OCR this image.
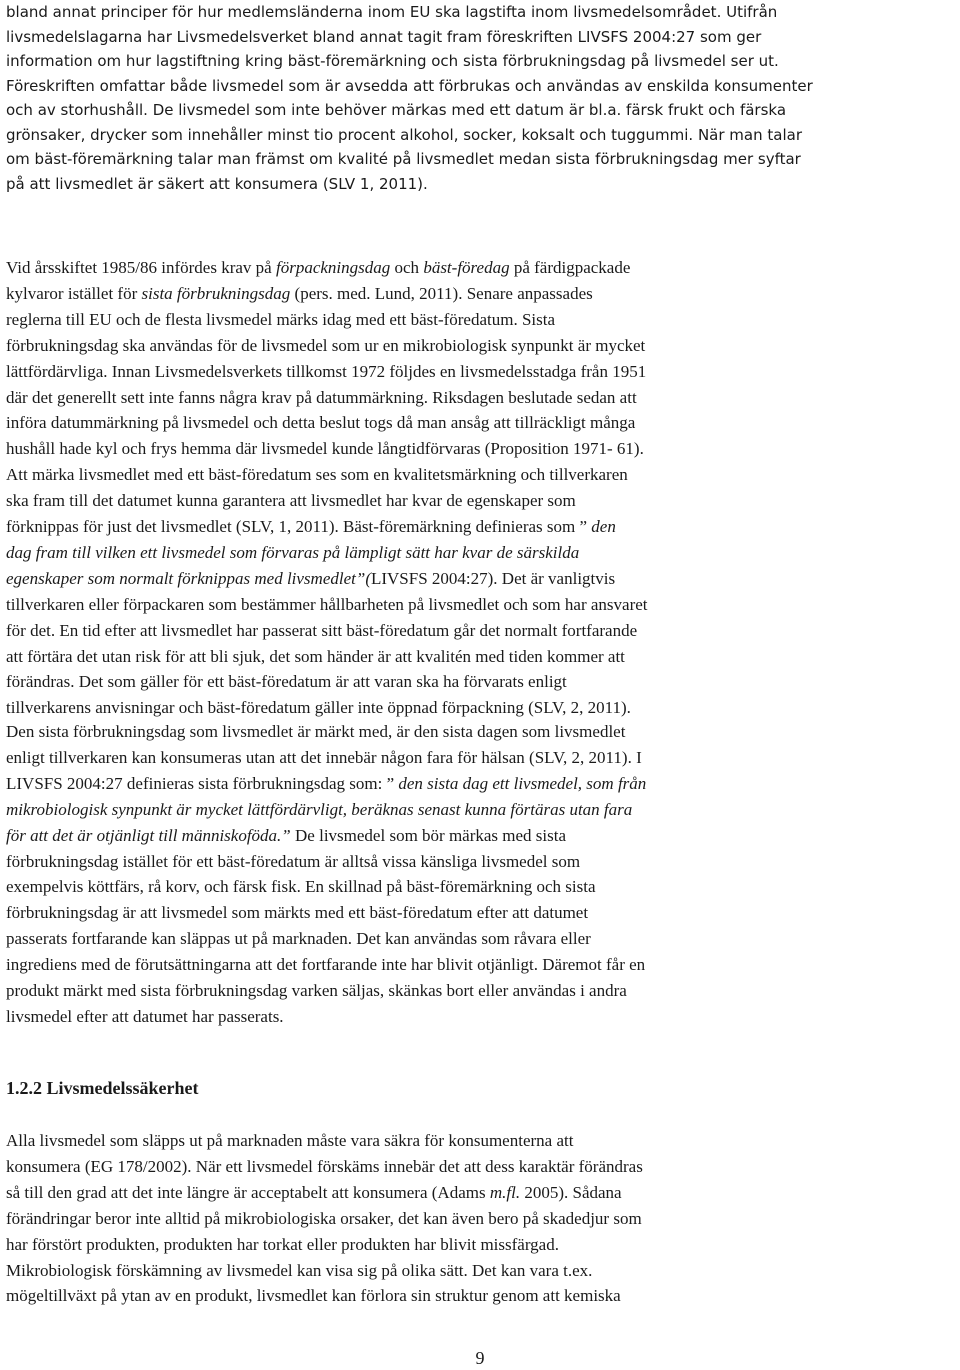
bland annat principer för hur medlemsländerna inom EU ska lagstifta inom livsmedelsområdet. Utifrån
livsmedelslagarna har Livsmedelsverket bland annat tagit fram föreskriften LIVSFS 2004:27 som ger
information om hur lagstiftning kring bäst-föremärkning och sista förbrukningsdag på livsmedel ser ut.
Föreskriften omfattar både livsmedel som är avsedda att förbrukas och användas av enskilda konsumenter
och av storhushåll. De livsmedel som inte behöver märkas med ett datum är bl.a. färsk frukt och färska
grönsaker, drycker som innehåller minst tio procent alkohol, socker, koksalt och tuggummi. När man talar
om bäst-föremärkning talar man främst om kvalité på livsmedlet medan sista förbrukningsdag mer syftar
på att livsmedlet är säkert att konsumera (SLV 1, 2011).
Vid årsskiftet 1985/86 infördes krav på förpackningsdag och bäst-föredag på färdigpackade
kylvaror istället för sista förbrukningsdag (pers. med. Lund, 2011). Senare anpassades
reglerna till EU och de flesta livsmedel märks idag med ett bäst-föredatum. Sista
förbrukningsdag ska användas för de livsmedel som ur en mikrobiologisk synpunkt är mycket
lättfördärvliga. Innan Livsmedelsverkets tillkomst 1972 följdes en livsmedelsstadga från 1951
där det generellt sett inte fanns några krav på datummärkning. Riksdagen beslutade sedan att
införa datummärkning på livsmedel och detta beslut togs då man ansåg att tillräckligt många
hushåll hade kyl och frys hemma där livsmedel kunde långtidförvaras (Proposition 1971- 61).
Att märka livsmedlet med ett bäst-föredatum ses som en kvalitetsmärkning och tillverkaren
ska fram till det datumet kunna garantera att livsmedlet har kvar de egenskaper som
förknippas för just det livsmedlet (SLV, 1, 2011). Bäst-föremärkning definieras som ” den
dag fram till vilken ett livsmedel som förvaras på lämpligt sätt har kvar de särskilda
egenskaper som normalt förknippas med livsmedlet”(LIVSFS 2004:27). Det är vanligtvis
tillverkaren eller förpackaren som bestämmer hållbarheten på livsmedlet och som har ansvaret
för det. En tid efter att livsmedlet har passerat sitt bäst-föredatum går det normalt fortfarande
att förtära det utan risk för att bli sjuk, det som händer är att kvalitén med tiden kommer att
förändras. Det som gäller för ett bäst-föredatum är att varan ska ha förvarats enligt
tillverkarens anvisningar och bäst-föredatum gäller inte öppnad förpackning (SLV, 2, 2011).
Den sista förbrukningsdag som livsmedlet är märkt med, är den sista dagen som livsmedlet
enligt tillverkaren kan konsumeras utan att det innebär någon fara för hälsan (SLV, 2, 2011). I
LIVSFS 2004:27 definieras sista förbrukningsdag som: ” den sista dag ett livsmedel, som från
mikrobiologisk synpunkt är mycket lättfördärvligt, beräknas senast kunna förtäras utan fara
för att det är otjänligt till människoföda.” De livsmedel som bör märkas med sista
förbrukningsdag istället för ett bäst-föredatum är alltså vissa känsliga livsmedel som
exempelvis köttfärs, rå korv, och färsk fisk. En skillnad på bäst-föremärkning och sista
förbrukningsdag är att livsmedel som märkts med ett bäst-föredatum efter att datumet
passerats fortfarande kan släppas ut på marknaden. Det kan användas som råvara eller
ingrediens med de förutsättningarna att det fortfarande inte har blivit otjänligt. Däremot får en
produkt märkt med sista förbrukningsdag varken säljas, skänkas bort eller användas i andra
livsmedel efter att datumet har passerats.
1.2.2 Livsmedelssäkerhet
Alla livsmedel som släpps ut på marknaden måste vara säkra för konsumenterna att
konsumera (EG 178/2002). När ett livsmedel förskäms innebär det att dess karaktär förändras
så till den grad att det inte längre är acceptabelt att konsumera (Adams m.fl. 2005). Sådana
förändringar beror inte alltid på mikrobiologiska orsaker, det kan även bero på skadedjur som
har förstört produkten, produkten har torkat eller produkten har blivit missfärgad.
Mikrobiologisk förskämning av livsmedel kan visa sig på olika sätt. Det kan vara t.ex.
mögeltillväxt på ytan av en produkt, livsmedlet kan förlora sin struktur genom att kemiska
9
